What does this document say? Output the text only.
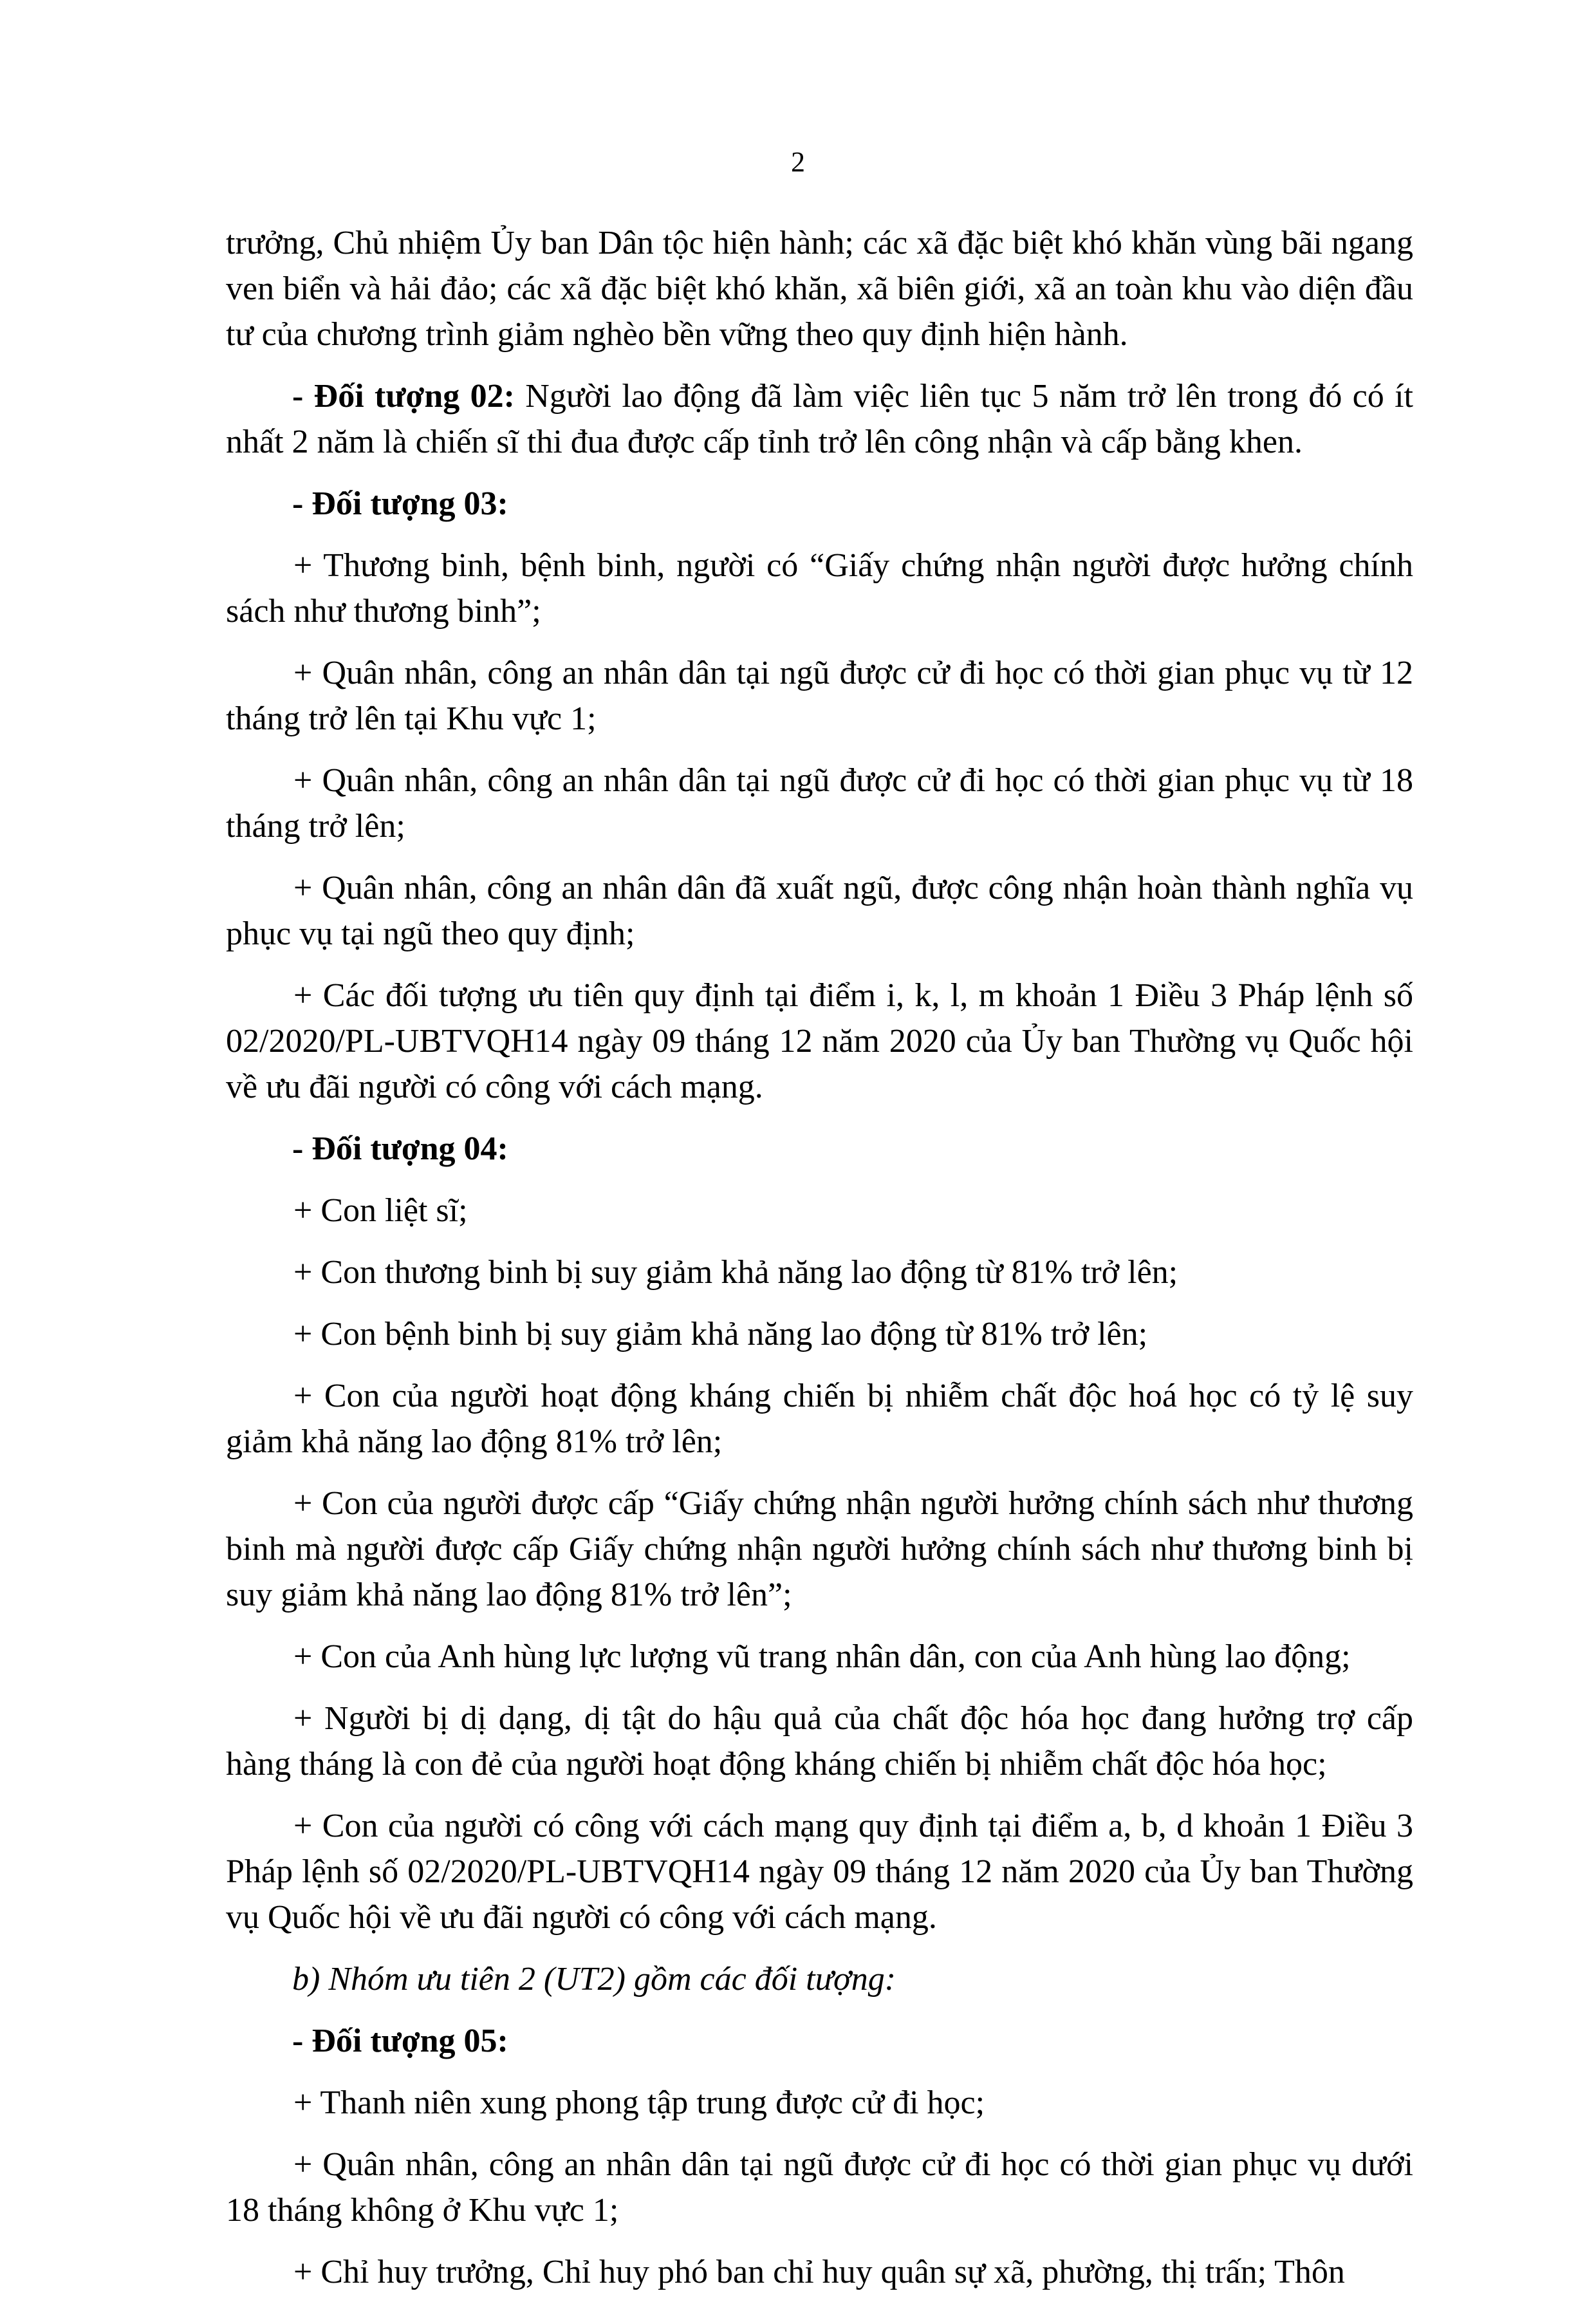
2

trưởng, Chủ nhiệm Ủy ban Dân tộc hiện hành; các xã đặc biệt khó khăn vùng bãi ngang ven biển và hải đảo; các xã đặc biệt khó khăn, xã biên giới, xã an toàn khu vào diện đầu tư của chương trình giảm nghèo bền vững theo quy định hiện hành.

- Đối tượng 02: Người lao động đã làm việc liên tục 5 năm trở lên trong đó có ít nhất 2 năm là chiến sĩ thi đua được cấp tỉnh trở lên công nhận và cấp bằng khen.

- Đối tượng 03:

+ Thương binh, bệnh binh, người có “Giấy chứng nhận người được hưởng chính sách như thương binh”;

+ Quân nhân, công an nhân dân tại ngũ được cử đi học có thời gian phục vụ từ 12 tháng trở lên tại Khu vực 1;

+ Quân nhân, công an nhân dân tại ngũ được cử đi học có thời gian phục vụ từ 18 tháng trở lên;

+ Quân nhân, công an nhân dân đã xuất ngũ, được công nhận hoàn thành nghĩa vụ phục vụ tại ngũ theo quy định;

+ Các đối tượng ưu tiên quy định tại điểm i, k, l, m khoản 1 Điều 3 Pháp lệnh số 02/2020/PL-UBTVQH14 ngày 09 tháng 12 năm 2020 của Ủy ban Thường vụ Quốc hội về ưu đãi người có công với cách mạng.

- Đối tượng 04:

+ Con liệt sĩ;

+ Con thương binh bị suy giảm khả năng lao động từ 81% trở lên;

+ Con bệnh binh bị suy giảm khả năng lao động từ 81% trở lên;

+ Con của người hoạt động kháng chiến bị nhiễm chất độc hoá học có tỷ lệ suy giảm khả năng lao động 81% trở lên;

+ Con của người được cấp “Giấy chứng nhận người hưởng chính sách như thương binh mà người được cấp Giấy chứng nhận người hưởng chính sách như thương binh bị suy giảm khả năng lao động 81% trở lên”;

+ Con của Anh hùng lực lượng vũ trang nhân dân, con của Anh hùng lao động;

+ Người bị dị dạng, dị tật do hậu quả của chất độc hóa học đang hưởng trợ cấp hàng tháng là con đẻ của người hoạt động kháng chiến bị nhiễm chất độc hóa học;

+ Con của người có công với cách mạng quy định tại điểm a, b, d khoản 1 Điều 3 Pháp lệnh số 02/2020/PL-UBTVQH14 ngày 09 tháng 12 năm 2020 của Ủy ban Thường vụ Quốc hội về ưu đãi người có công với cách mạng.

b) Nhóm ưu tiên 2 (UT2) gồm các đối tượng:

- Đối tượng 05:

+ Thanh niên xung phong tập trung được cử đi học;

+ Quân nhân, công an nhân dân tại ngũ được cử đi học có thời gian phục vụ dưới 18 tháng không ở Khu vực 1;

+ Chỉ huy trưởng, Chỉ huy phó ban chỉ huy quân sự xã, phường, thị trấn; Thôn
